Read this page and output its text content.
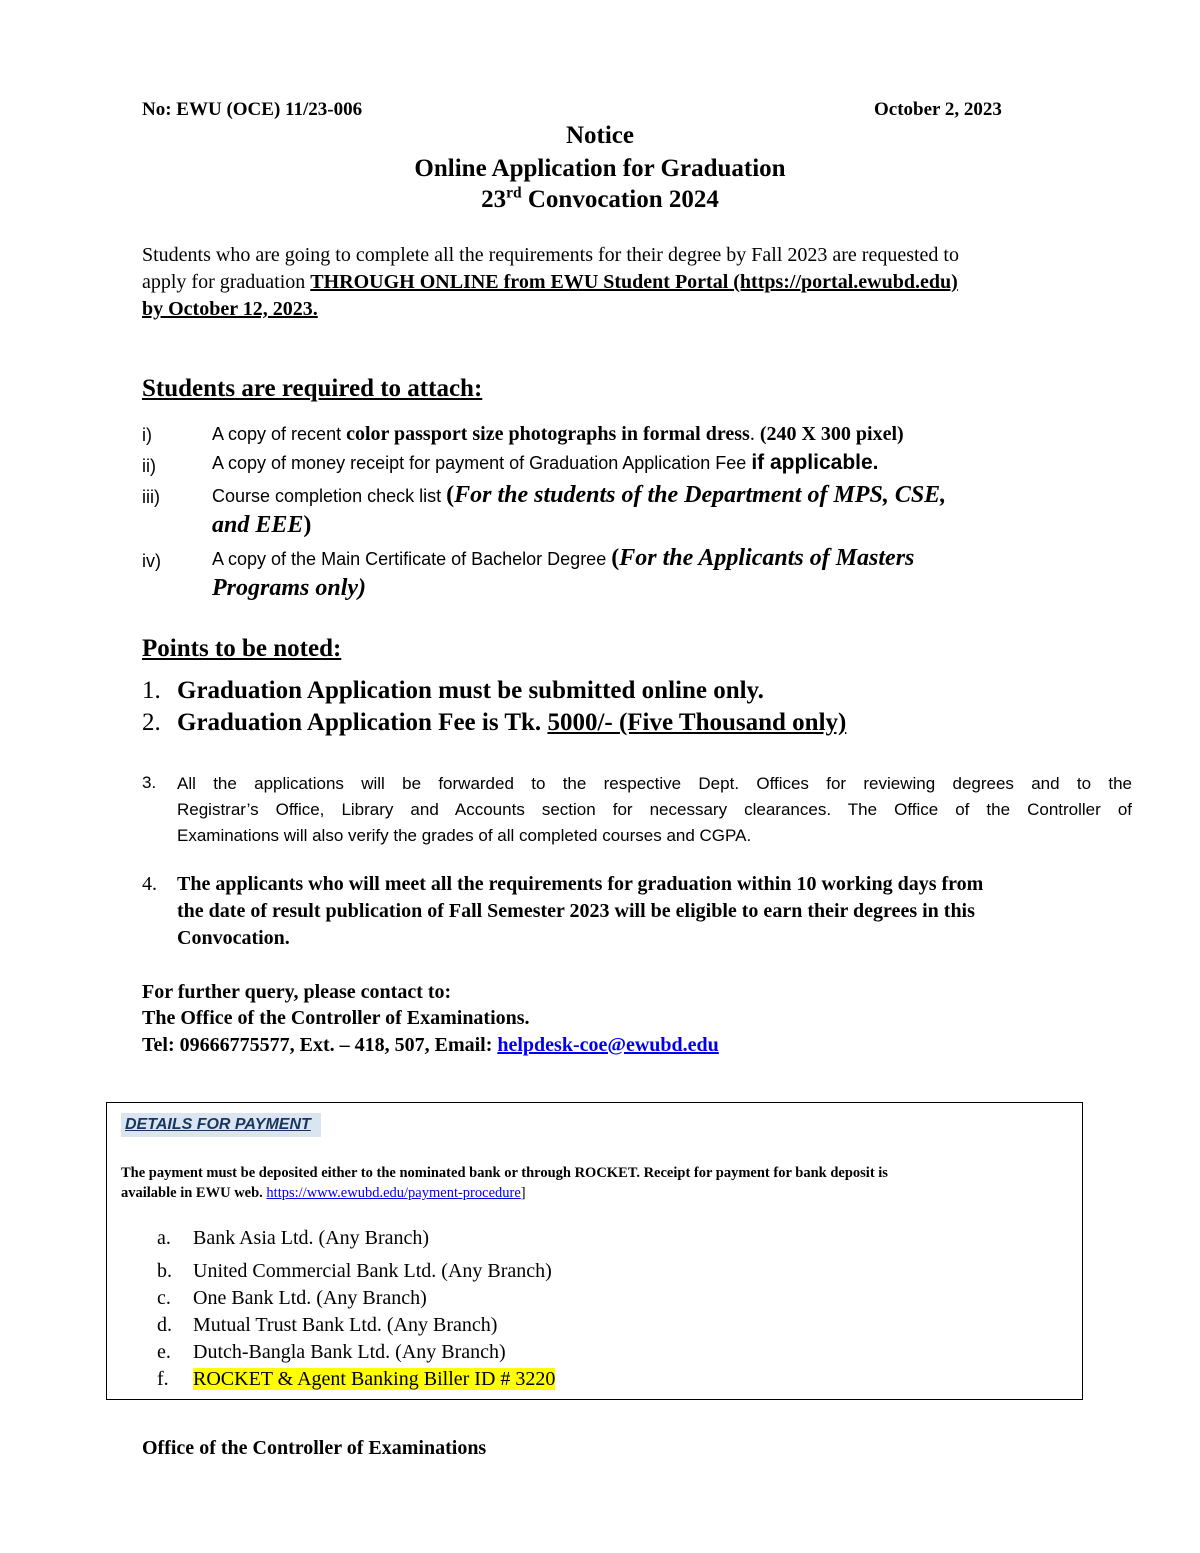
No: EWU (OCE) 11/23-006	October 2, 2023
Notice
Online Application for Graduation
23rd Convocation 2024
Students who are going to complete all the requirements for their degree by Fall 2023 are requested to
apply for graduation THROUGH ONLINE from EWU Student Portal (https://portal.ewubd.edu)
by October 12, 2023.
Students are required to attach:
i)	A copy of recent color passport size photographs in formal dress. (240 X 300 pixel)
ii)	A copy of money receipt for payment of Graduation Application Fee if applicable.
iii)	Course completion check list (For the students of the Department of MPS, CSE,
and EEE)
iv)	A copy of the Main Certificate of Bachelor Degree (For the Applicants of Masters
Programs only)
Points to be noted:
1. Graduation Application must be submitted online only.
2. Graduation Application Fee is Tk. 5000/- (Five Thousand only)
3. All the applications will be forwarded to the respective Dept. Offices for reviewing degrees and to the
Registrar’s Office, Library and Accounts section for necessary clearances. The Office of the Controller of
Examinations will also verify the grades of all completed courses and CGPA.
4. The applicants who will meet all the requirements for graduation within 10 working days from
the date of result publication of Fall Semester 2023 will be eligible to earn their degrees in this
Convocation.
For further query, please contact to:
The Office of the Controller of Examinations.
Tel: 09666775577, Ext. – 418, 507, Email: helpdesk-coe@ewubd.edu
DETAILS FOR PAYMENT
The payment must be deposited either to the nominated bank or through ROCKET. Receipt for payment for bank deposit is
available in EWU web. https://www.ewubd.edu/payment-procedure]
a. Bank Asia Ltd. (Any Branch)
b. United Commercial Bank Ltd. (Any Branch)
c. One Bank Ltd. (Any Branch)
d. Mutual Trust Bank Ltd. (Any Branch)
e. Dutch-Bangla Bank Ltd. (Any Branch)
f. ROCKET & Agent Banking Biller ID # 3220
Office of the Controller of Examinations
